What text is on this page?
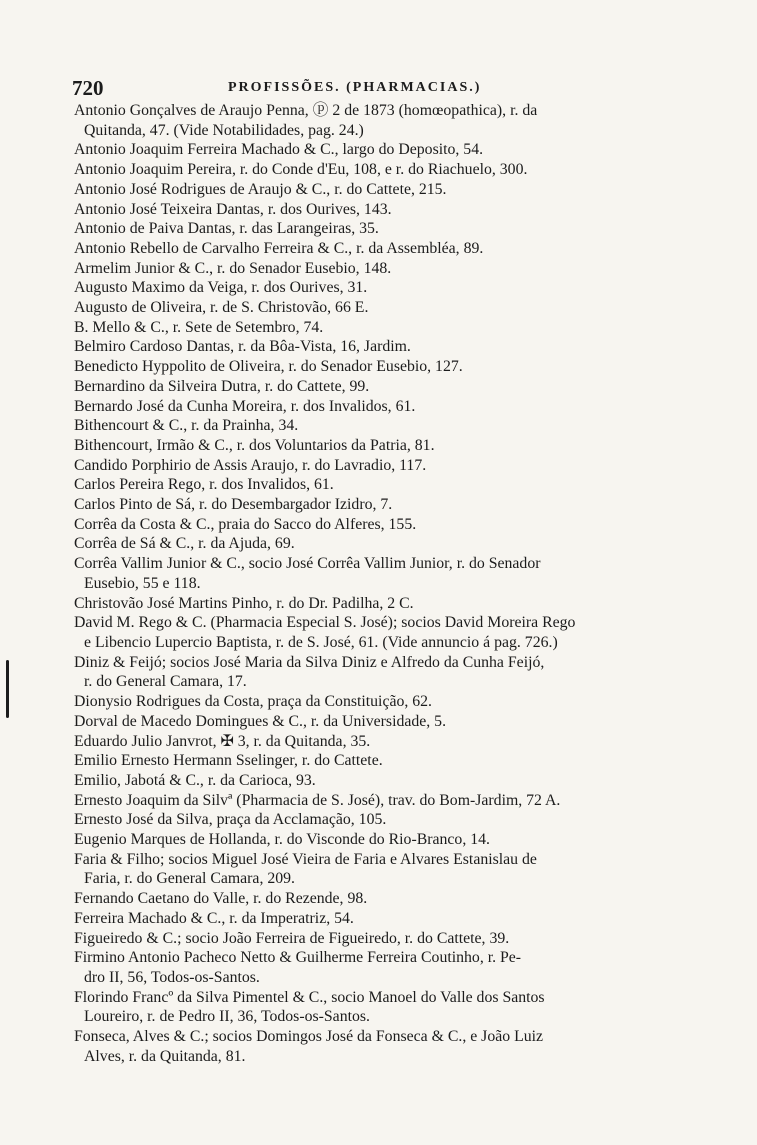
720	PROFISSÕES. (PHARMACIAS.)
Antonio Gonçalves de Araujo Penna, ⓟ 2 de 1873 (homœopathica), r. da
Quitanda, 47. (Vide Notabilidades, pag. 24.)
Antonio Joaquim Ferreira Machado & C., largo do Deposito, 54.
Antonio Joaquim Pereira, r. do Conde d'Eu, 108, e r. do Riachuelo, 300.
Antonio José Rodrigues de Araujo & C., r. do Cattete, 215.
Antonio José Teixeira Dantas, r. dos Ourives, 143.
Antonio de Paiva Dantas, r. das Larangeiras, 35.
Antonio Rebello de Carvalho Ferreira & C., r. da Assembléa, 89.
Armelim Junior & C., r. do Senador Eusebio, 148.
Augusto Maximo da Veiga, r. dos Ourives, 31.
Augusto de Oliveira, r. de S. Christovão, 66 E.
B. Mello & C., r. Sete de Setembro, 74.
Belmiro Cardoso Dantas, r. da Bôa-Vista, 16, Jardim.
Benedicto Hyppolito de Oliveira, r. do Senador Eusebio, 127.
Bernardino da Silveira Dutra, r. do Cattete, 99.
Bernardo José da Cunha Moreira, r. dos Invalidos, 61.
Bithencourt & C., r. da Prainha, 34.
Bithencourt, Irmão & C., r. dos Voluntarios da Patria, 81.
Candido Porphirio de Assis Araujo, r. do Lavradio, 117.
Carlos Pereira Rego, r. dos Invalidos, 61.
Carlos Pinto de Sá, r. do Desembargador Izidro, 7.
Corrêa da Costa & C., praia do Sacco do Alferes, 155.
Corrêa de Sá & C., r. da Ajuda, 69.
Corrêa Vallim Junior & C., socio José Corrêa Vallim Junior, r. do Senador
Eusebio, 55 e 118.
Christovão José Martins Pinho, r. do Dr. Padilha, 2 C.
David M. Rego & C. (Pharmacia Especial S. José); socios David Moreira Rego
e Libencio Lupercio Baptista, r. de S. José, 61. (Vide annuncio á pag. 726.)
Diniz & Feijó; socios José Maria da Silva Diniz e Alfredo da Cunha Feijó,
r. do General Camara, 17.
Dionysio Rodrigues da Costa, praça da Constituição, 62.
Dorval de Macedo Domingues & C., r. da Universidade, 5.
Eduardo Julio Janvrot, ✠ 3, r. da Quitanda, 35.
Emilio Ernesto Hermann Sselinger, r. do Cattete.
Emilio, Jabotá & C., r. da Carioca, 93.
Ernesto Joaquim da Silvª (Pharmacia de S. José), trav. do Bom-Jardim, 72 A.
Ernesto José da Silva, praça da Acclamação, 105.
Eugenio Marques de Hollanda, r. do Visconde do Rio-Branco, 14.
Faria & Filho; socios Miguel José Vieira de Faria e Alvares Estanislau de
Faria, r. do General Camara, 209.
Fernando Caetano do Valle, r. do Rezende, 98.
Ferreira Machado & C., r. da Imperatriz, 54.
Figueiredo & C.; socio João Ferreira de Figueiredo, r. do Cattete, 39.
Firmino Antonio Pacheco Netto & Guilherme Ferreira Coutinho, r. Pe-
dro II, 56, Todos-os-Santos.
Florindo Francº da Silva Pimentel & C., socio Manoel do Valle dos Santos
Loureiro, r. de Pedro II, 36, Todos-os-Santos.
Fonseca, Alves & C.; socios Domingos José da Fonseca & C., e João Luiz
Alves, r. da Quitanda, 81.
